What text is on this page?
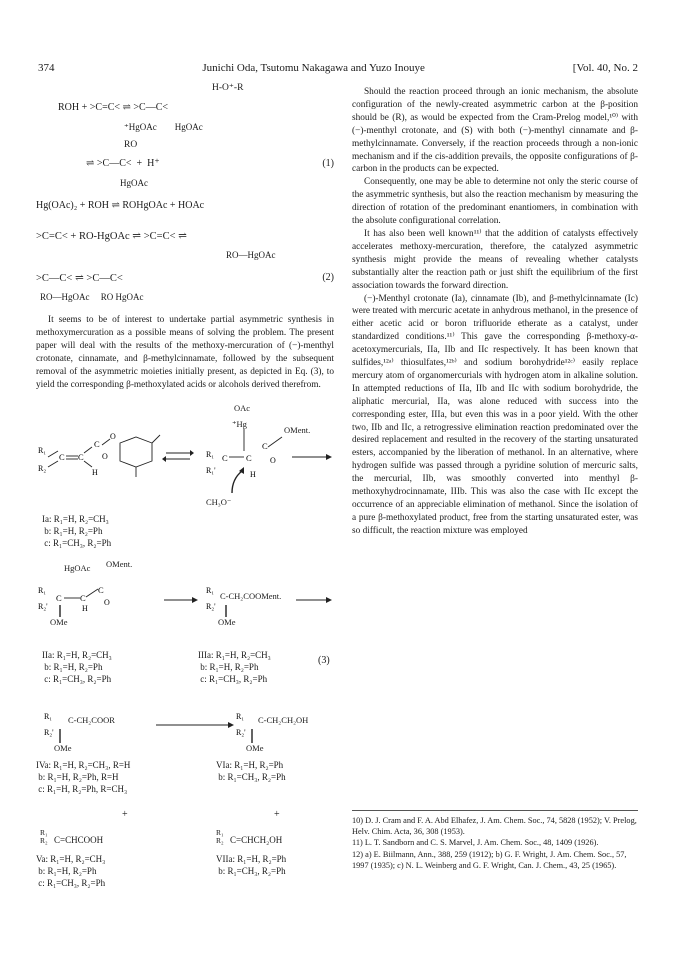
374	Junichi Oda, Tsutomu Nakagawa and Yuzo Inouye	[Vol. 40, No. 2
H-O⁺-R
ROH + >C=C< ⇌ >C—C<
⁺HgOAc        HgOAc
RO
⇌ >C—C<  +  H⁺	(1)
HgOAc
Hg(OAc)₂ + ROH ⇌ ROHgOAc + HOAc
>C=C< + RO-HgOAc ⇌ >C=C< ⇌
RO—HgOAc
>C—C< ⇌ >C—C<	(2)
RO—HgOAc     RO HgOAc

It seems to be of interest to undertake partial asymmetric synthesis in methoxymercuration as a possible means of solving the problem. The present paper will deal with the results of the methoxy-mercuration of (−)-menthyl crotonate, cinnamate, and β-methylcinnamate, followed by the subsequent removal of the asymmetric moieties initially present, as depicted in Eq. (3), to yield the corresponding β-methoxylated acids or alcohols derived therefrom.

R₁
R₂
C C
H
C
O
O	R₁
R₁'
C C
C
O
H
OAc
⁺Hg
OMent.
CH₃O⁻
(3)
Ia: R₁=H, R₂=CH₃
b: R₁=H, R₂=Ph
c: R₁=CH₃, R₂=Ph
R₁
R₂'
C C
C
O
H
R₁
R₂'
HgOAc OMent.
OMe
C-CH₂COOMent.
OMe
IIa: R₁=H, R₂=CH₃
b: R₁=H, R₂=Ph
c: R₁=CH₃, R₂=Ph
IIIa: R₁=H, R₂=CH₃
b: R₁=H, R₂=Ph
c: R₁=CH₃, R₂=Ph
R₁
R₂'
R₁
R₂'
C-CH₂COOR
OMe
C-CH₂CH₂OH
OMe
IVa: R₁=H, R₂=CH₃, R=H
b: R₁=H, R₂=Ph, R=H
c: R₁=H, R₂=Ph, R=CH₃
VIa: R₁=H, R₂=Ph
b: R₁=CH₃, R₂=Ph
+	+
R₁
R₂ C=CHCOOH
R₁
R₂ C=CHCH₂OH
Va: R₁=H, R₂=CH₃
b: R₁=H, R₂=Ph
c: R₁=CH₃, R₂=Ph
VIIa: R₁=H, R₂=Ph
b: R₁=CH₃, R₂=Ph
Should the reaction proceed through an ionic mechanism, the absolute configuration of the newly-created asymmetric carbon at the β-position should be (R), as would be expected from the Cram-Prelog model,¹⁰⁾ with (−)-menthyl crotonate, and (S) with both (−)-menthyl cinnamate and β-methylcinnamate. Conversely, if the reaction proceeds through a non-ionic mechanism and if the cis-addition prevails, the opposite configurations of β-carbon in the products can be expected.
Consequently, one may be able to determine not only the steric course of the asymmetric synthesis, but also the reaction mechanism by measuring the direction of rotation of the predominant enantiomers, in combination with the absolute configurational correlation.
It has also been well known¹¹⁾ that the addition of catalysts effectively accelerates methoxy-mercuration, therefore, the catalyzed asymmetric synthesis might provide the means of revealing whether catalysts substantially alter the reaction path or just shift the equilibrium of the first association towards the forward direction.
(−)-Menthyl crotonate (Ia), cinnamate (Ib), and β-methylcinnamate (Ic) were treated with mercuric acetate in anhydrous methanol, in the presence of either acetic acid or boron trifluoride etherate as a catalyst, under standardized conditions.¹¹⁾ This gave the corresponding β-methoxy-α-acetoxymercurials, IIa, IIb and IIc respectively. It has been known that sulfides,¹²ᵃ⁾ thiosulfates,¹²ᵇ⁾ and sodium borohydride¹²ᶜ⁾ easily replace mercury atom of organomercurials with hydrogen atom in alkaline solution. In attempted reductions of IIa, IIb and IIc with sodium borohydride, the aliphatic mercurial, IIa, was alone reduced with success into the corresponding ester, IIIa, but even this was in a poor yield. With the other two, IIb and IIc, a retrogressive elimination reaction predominated over the desired replacement and resulted in the recovery of the starting unsaturated esters, accompanied by the liberation of methanol. In an alternative, where hydrogen sulfide was passed through a pyridine solution of mercuric salts, the mercurial, IIb, was smoothly converted into menthyl β-methoxyhydrocinnamate, IIIb. This was also the case with IIc except the occurrence of an appreciable elimination of methanol. Since the isolation of a pure β-methoxylated product, free from the starting unsaturated ester, was so difficult, the reaction mixture was employed
10) D. J. Cram and F. A. Abd Elhafez, J. Am. Chem. Soc., 74, 5828 (1952); V. Prelog, Helv. Chim. Acta, 36, 308 (1953).
11) L. T. Sandborn and C. S. Marvel, J. Am. Chem. Soc., 48, 1409 (1926).
12) a) E. Biilmann, Ann., 388, 259 (1912); b) G. F. Wright, J. Am. Chem. Soc., 57, 1997 (1935); c) N. L. Weinberg and G. F. Wright, Can. J. Chem., 43, 25 (1965).
